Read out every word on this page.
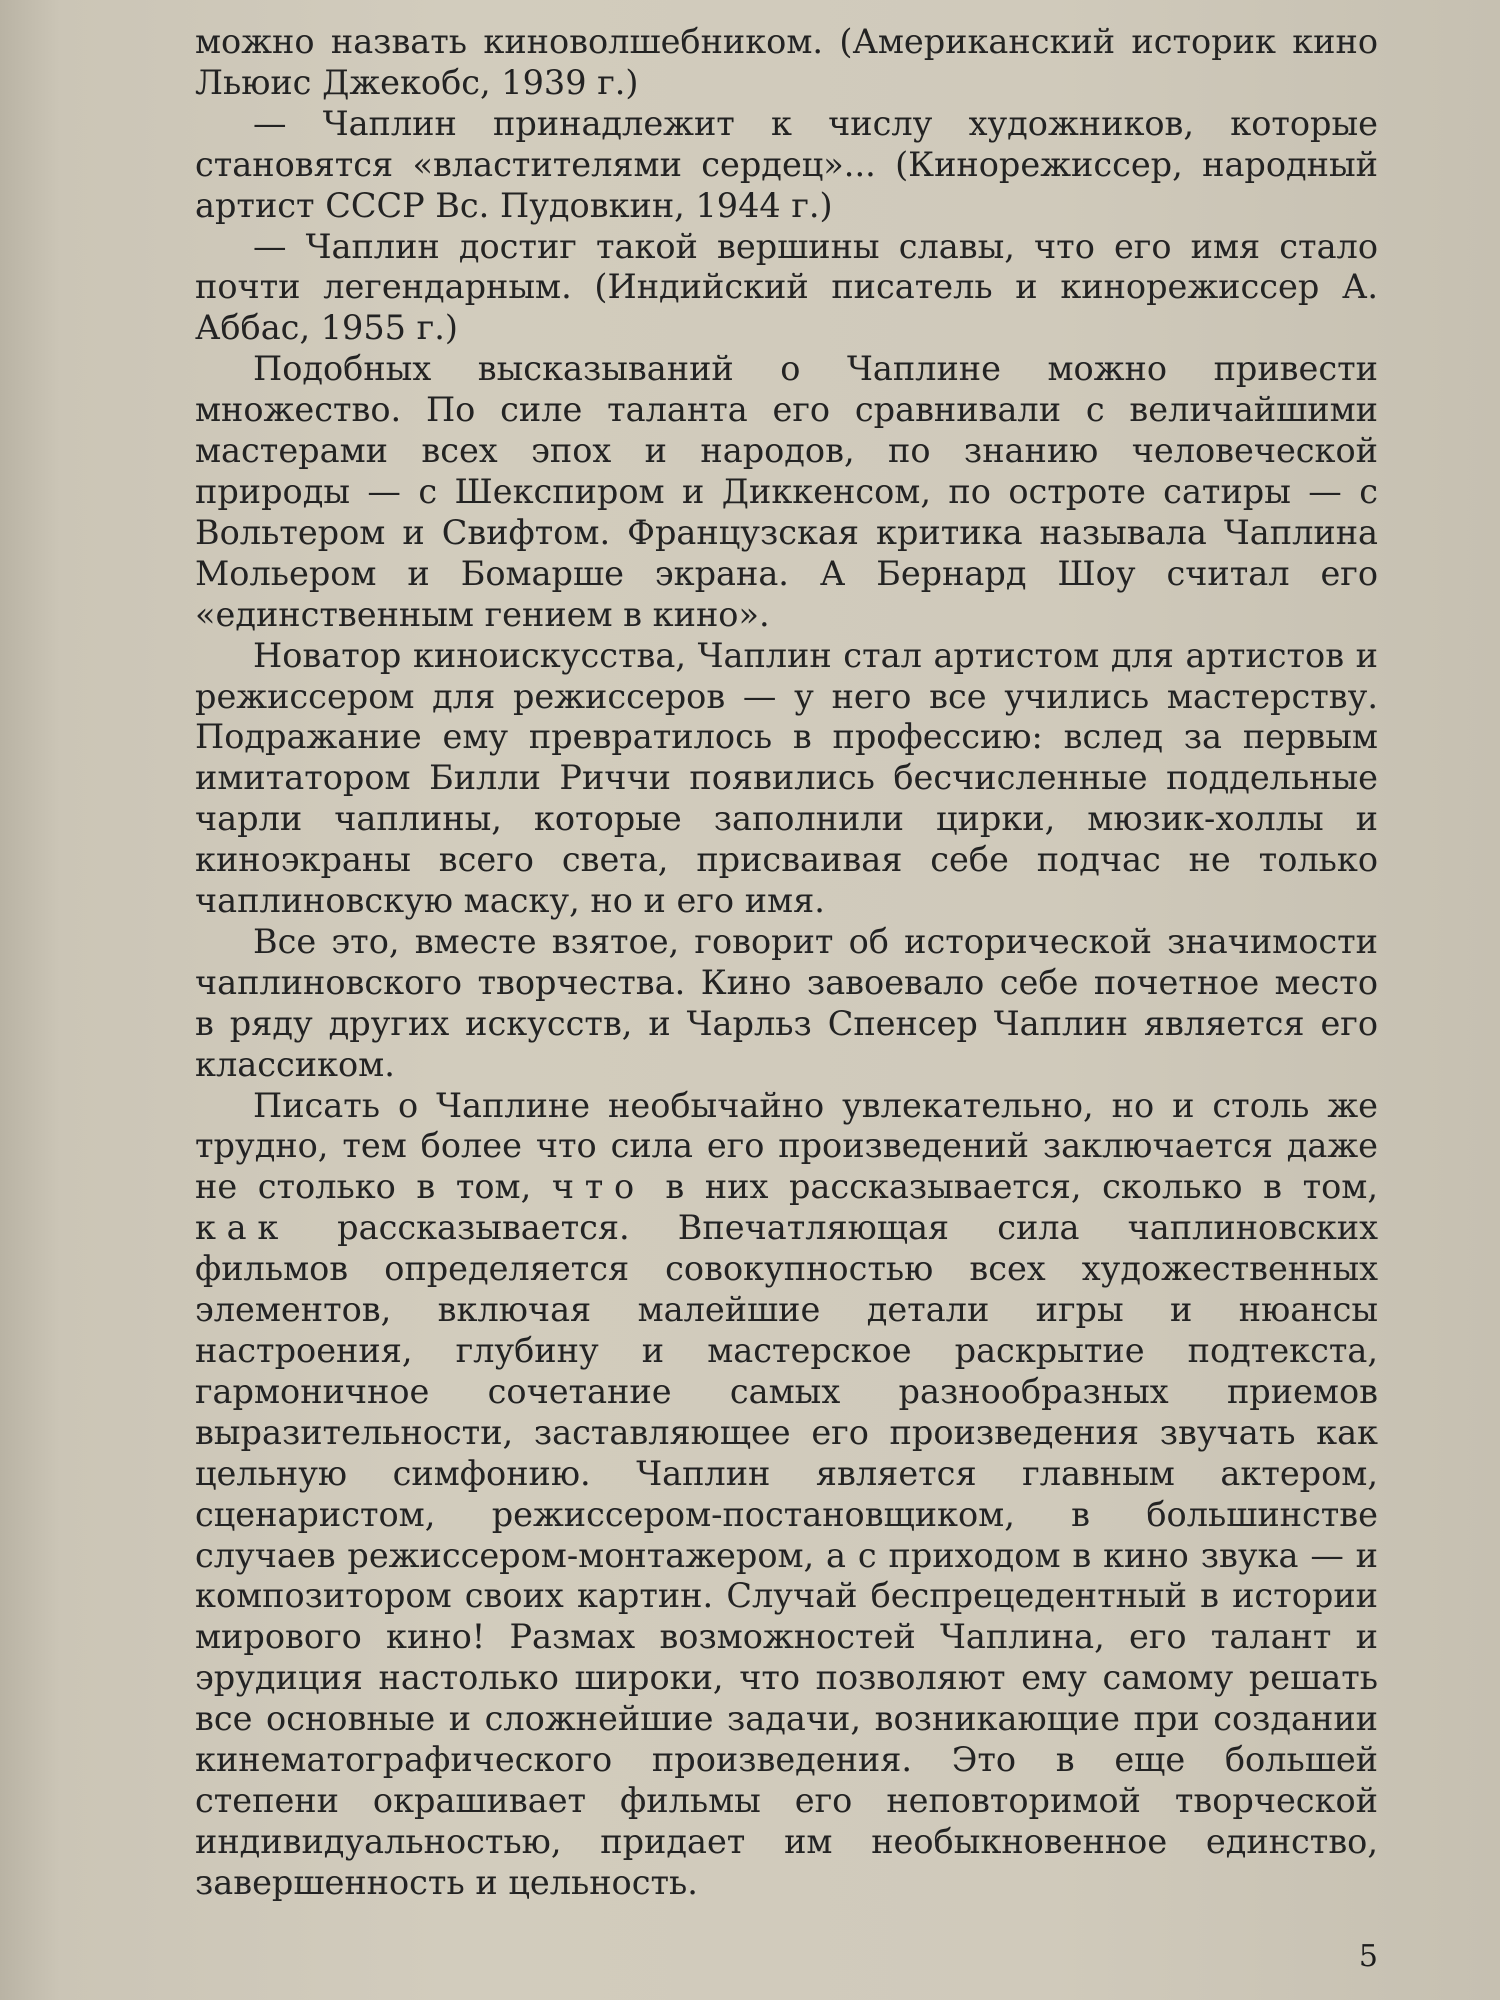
можно назвать киноволшебником. (Американский историк кино Льюис Джекобс, 1939 г.)

— Чаплин принадлежит к числу художников, которые становятся «властителями сердец»... (Кинорежиссер, народный артист СССР Вс. Пудовкин, 1944 г.)

— Чаплин достиг такой вершины славы, что его имя стало почти легендарным. (Индийский писатель и кинорежиссер А. Аббас, 1955 г.)

Подобных высказываний о Чаплине можно привести множество. По силе таланта его сравнивали с величайшими мастерами всех эпох и народов, по знанию человеческой природы — с Шекспиром и Диккенсом, по остроте сатиры — с Вольтером и Свифтом. Французская критика называла Чаплина Мольером и Бомарше экрана. А Бернард Шоу считал его «единственным гением в кино».

Новатор киноискусства, Чаплин стал артистом для артистов и режиссером для режиссеров — у него все учились мастерству. Подражание ему превратилось в профессию: вслед за первым имитатором Билли Риччи появились бесчисленные поддельные чарли чаплины, которые заполнили цирки, мюзик-холлы и киноэкраны всего света, присваивая себе подчас не только чаплиновскую маску, но и его имя.

Все это, вместе взятое, говорит об исторической значимости чаплиновского творчества. Кино завоевало себе почетное место в ряду других искусств, и Чарльз Спенсер Чаплин является его классиком.

Писать о Чаплине необычайно увлекательно, но и столь же трудно, тем более что сила его произведений заключается даже не столько в том, что в них рассказывается, сколько в том, как рассказывается. Впечатляющая сила чаплиновских фильмов определяется совокупностью всех художественных элементов, включая малейшие детали игры и нюансы настроения, глубину и мастерское раскрытие подтекста, гармоничное сочетание самых разнообразных приемов выразительности, заставляющее его произведения звучать как цельную симфонию. Чаплин является главным актером, сценаристом, режиссером-постановщиком, в большинстве случаев режиссером-монтажером, а с приходом в кино звука — и композитором своих картин. Случай беспрецедентный в истории мирового кино! Размах возможностей Чаплина, его талант и эрудиция настолько широки, что позволяют ему самому решать все основные и сложнейшие задачи, возникающие при создании кинематографического произведения. Это в еще большей степени окрашивает фильмы его неповторимой творческой индивидуальностью, придает им необыкновенное единство, завершенность и цельность.

5
